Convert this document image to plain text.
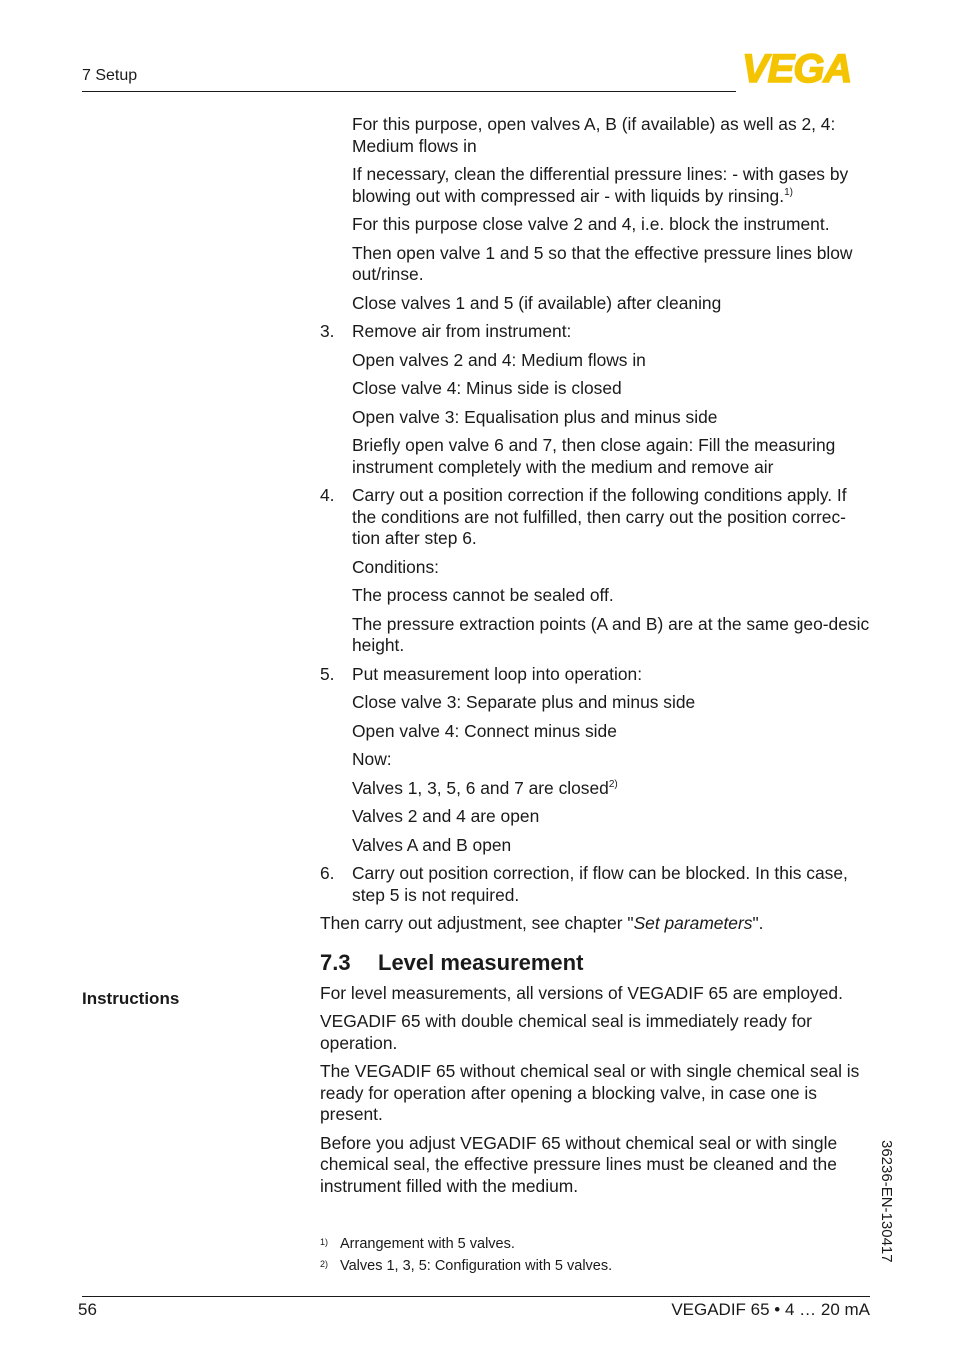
7 Setup	VEGA

For this purpose, open valves A, B (if available) as well as 2, 4: Medium flows in

If necessary, clean the differential pressure lines: - with gases by blowing out with compressed air - with liquids by rinsing.$^{1)}$

For this purpose close valve 2 and 4, i.e. block the instrument.

Then open valve 1 and 5 so that the effective pressure lines blow out/rinse.

Close valves 1 and 5 (if available) after cleaning

3. Remove air from instrument:

Open valves 2 and 4: Medium flows in

Close valve 4: Minus side is closed

Open valve 3: Equalisation plus and minus side

Briefly open valve 6 and 7, then close again: Fill the measuring instrument completely with the medium and remove air

4. Carry out a position correction if the following conditions apply. If the conditions are not fulfilled, then carry out the position correc-tion after step 6.

Conditions:

The process cannot be sealed off.

The pressure extraction points (A and B) are at the same geo-desic height.

5. Put measurement loop into operation:

Close valve 3: Separate plus and minus side

Open valve 4: Connect minus side

Now:

Valves 1, 3, 5, 6 and 7 are closed$^{2)}$

Valves 2 and 4 are open

Valves A and B open

6. Carry out position correction, if flow can be blocked. In this case, step 5 is not required.

Then carry out adjustment, see chapter "Set parameters".

7.3 Level measurement

For level measurements, all versions of VEGADIF 65 are employed.

VEGADIF 65 with double chemical seal is immediately ready for operation.

The VEGADIF 65 without chemical seal or with single chemical seal is ready for operation after opening a blocking valve, in case one is present.

Before you adjust VEGADIF 65 without chemical seal or with single chemical seal, the effective pressure lines must be cleaned and the instrument filled with the medium.

Instructions
1) Arrangement with 5 valves.
2) Valves 1, 3, 5: Configuration with 5 valves.
36236-EN-130417
56	VEGADIF 65 • 4 … 20 mA
